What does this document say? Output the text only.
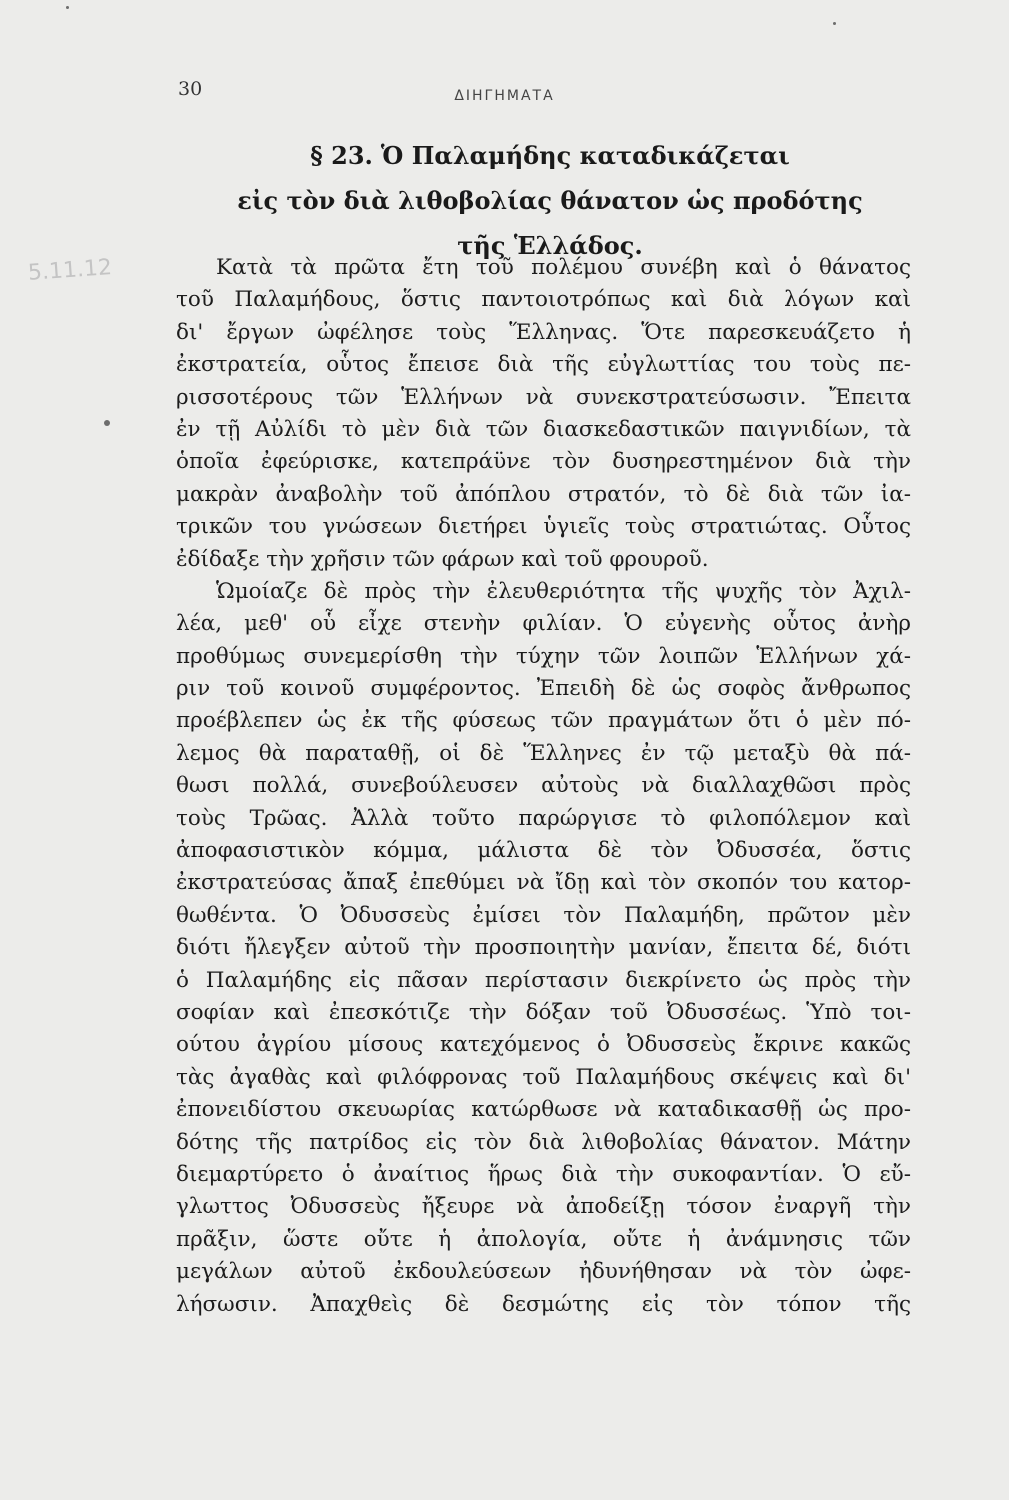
30	ΔΙΗΓΗΜΑΤΑ
5.11.12
§ 23. Ὁ Παλαμήδης καταδικάζεται
εἰς τὸν διὰ λιθοβολίας θάνατον ὡς προδότης
τῆς Ἑλλάδος.
Κατὰ τὰ πρῶτα ἔτη τοῦ πολέμου συνέβη καὶ ὁ θάνατος
τοῦ Παλαμήδους, ὅστις παντοιοτρόπως καὶ διὰ λόγων καὶ
δι' ἔργων ὠφέλησε τοὺς Ἕλληνας. Ὅτε παρεσκευάζετο ἡ
ἐκστρατεία, οὗτος ἔπεισε διὰ τῆς εὐγλωττίας του τοὺς πε-
ρισσοτέρους τῶν Ἑλλήνων νὰ συνεκστρατεύσωσιν. Ἔπειτα
ἐν τῇ Αὐλίδι τὸ μὲν διὰ τῶν διασκεδαστικῶν παιγνιδίων, τὰ
ὁποῖα ἐφεύρισκε, κατεπράϋνε τὸν δυσηρεστημένον διὰ τὴν
μακρὰν ἀναβολὴν τοῦ ἀπόπλου στρατόν, τὸ δὲ διὰ τῶν ἰα-
τρικῶν του γνώσεων διετήρει ὑγιεῖς τοὺς στρατιώτας. Οὗτος
ἐδίδαξε τὴν χρῆσιν τῶν φάρων καὶ τοῦ φρουροῦ.
Ὡμοίαζε δὲ πρὸς τὴν ἐλευθεριότητα τῆς ψυχῆς τὸν Ἀχιλ-
λέα, μεθ' οὗ εἶχε στενὴν φιλίαν. Ὁ εὐγενὴς οὗτος ἀνὴρ
προθύμως συνεμερίσθη τὴν τύχην τῶν λοιπῶν Ἑλλήνων χά-
ριν τοῦ κοινοῦ συμφέροντος. Ἐπειδὴ δὲ ὡς σοφὸς ἄνθρωπος
προέβλεπεν ὡς ἐκ τῆς φύσεως τῶν πραγμάτων ὅτι ὁ μὲν πό-
λεμος θὰ παραταθῇ, οἱ δὲ Ἕλληνες ἐν τῷ μεταξὺ θὰ πά-
θωσι πολλά, συνεβούλευσεν αὐτοὺς νὰ διαλλαχθῶσι πρὸς
τοὺς Τρῶας. Ἀλλὰ τοῦτο παρώργισε τὸ φιλοπόλεμον καὶ
ἀποφασιστικὸν κόμμα, μάλιστα δὲ τὸν Ὀδυσσέα, ὅστις
ἐκστρατεύσας ἄπαξ ἐπεθύμει νὰ ἴδῃ καὶ τὸν σκοπόν του κατορ-
θωθέντα. Ὁ Ὀδυσσεὺς ἐμίσει τὸν Παλαμήδη, πρῶτον μὲν
διότι ἤλεγξεν αὐτοῦ τὴν προσποιητὴν μανίαν, ἔπειτα δέ, διότι
ὁ Παλαμήδης εἰς πᾶσαν περίστασιν διεκρίνετο ὡς πρὸς τὴν
σοφίαν καὶ ἐπεσκότιζε τὴν δόξαν τοῦ Ὀδυσσέως. Ὑπὸ τοι-
ούτου ἀγρίου μίσους κατεχόμενος ὁ Ὀδυσσεὺς ἔκρινε κακῶς
τὰς ἀγαθὰς καὶ φιλόφρονας τοῦ Παλαμήδους σκέψεις καὶ δι'
ἐπονειδίστου σκευωρίας κατώρθωσε νὰ καταδικασθῇ ὡς προ-
δότης τῆς πατρίδος εἰς τὸν διὰ λιθοβολίας θάνατον. Μάτην
διεμαρτύρετο ὁ ἀναίτιος ἥρως διὰ τὴν συκοφαντίαν. Ὁ εὔ-
γλωττος Ὀδυσσεὺς ἤξευρε νὰ ἀποδείξῃ τόσον ἐναργῆ τὴν
πρᾶξιν, ὥστε οὔτε ἡ ἀπολογία, οὔτε ἡ ἀνάμνησις τῶν
μεγάλων αὐτοῦ ἐκδουλεύσεων ἠδυνήθησαν νὰ τὸν ὠφε-
λήσωσιν. Ἀπαχθεὶς δὲ δεσμώτης εἰς τὸν τόπον τῆς
